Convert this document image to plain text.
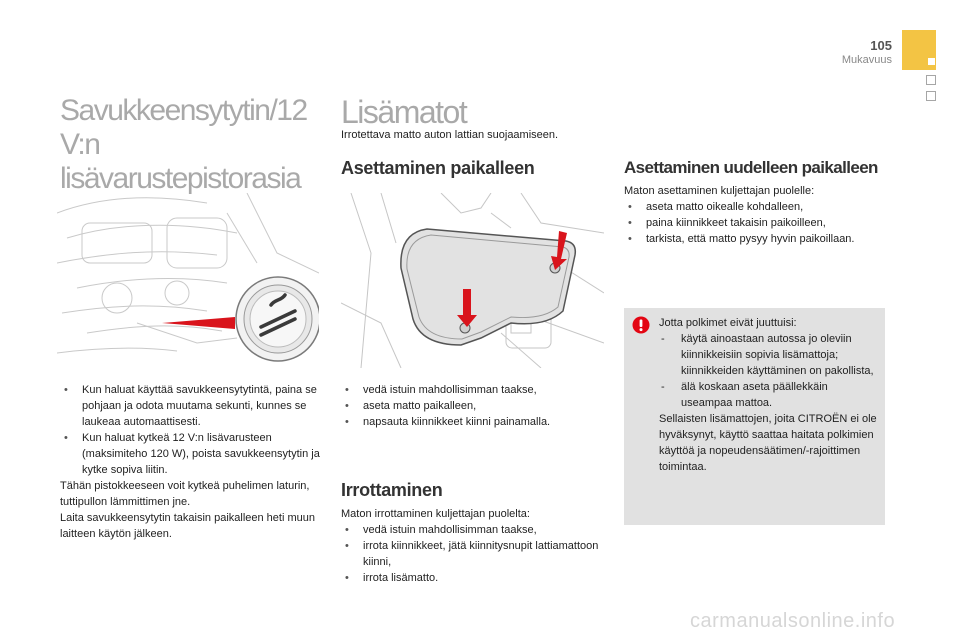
105
Mukavuus
Savukkeensytytin/12 V:n
lisävarustepistorasia

• Kun haluat käyttää savukkeensytytintä, paina se pohjaan ja odota muutama sekunti, kunnes se laukeaa automaattisesti.

• Kun haluat kytkeä 12 V:n lisävarusteen (maksimiteho 120 W), poista savukkeensytytin ja kytke sopiva liitin.

Tähän pistokkeeseen voit kytkeä puhelimen laturin, tuttipullon lämmittimen jne.

Laita savukkeensytytin takaisin paikalleen heti muun laitteen käytön jälkeen.

Lisämatot
Irrotettava matto auton lattian suojaamiseen.
Asettaminen paikalleen

• vedä istuin mahdollisimman taakse,

• aseta matto paikalleen,

• napsauta kiinnikkeet kiinni painamalla.

Irrottaminen

Maton irrottaminen kuljettajan puolelta:

• vedä istuin mahdollisimman taakse,

• irrota kiinnikkeet, jätä kiinnitysnupit lattiamattoon kiinni,

• irrota lisämatto.

Asettaminen uudelleen paikalleen

Maton asettaminen kuljettajan puolelle:

• aseta matto oikealle kohdalleen,

• paina kiinnikkeet takaisin paikoilleen,

• tarkista, että matto pysyy hyvin paikoillaan.

Jotta polkimet eivät juuttuisi:

- käytä ainoastaan autossa jo oleviin kiinnikkeisiin sopivia lisämattoja; kiinnikkeiden käyttäminen on pakollista,

- älä koskaan aseta päällekkäin useampaa mattoa.

Sellaisten lisämattojen, joita CITROËN ei ole hyväksynyt, käyttö saattaa haitata polkimien käyttöä ja nopeudensäätimen/-rajoittimen toimintaa.

carmanualsonline.info
